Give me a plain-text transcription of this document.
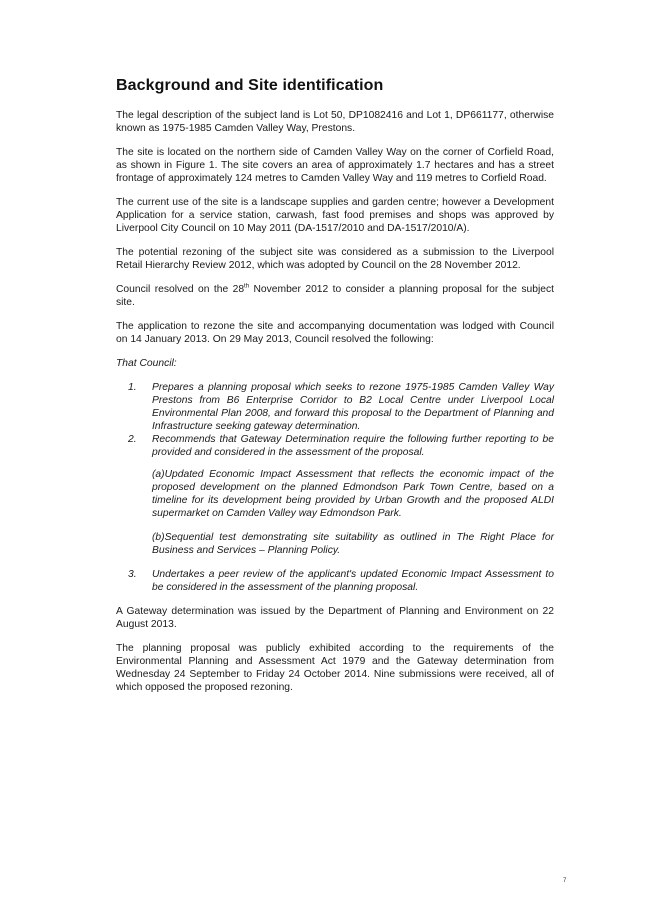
Background and Site identification

The legal description of the subject land is Lot 50, DP1082416 and Lot 1, DP661177, otherwise known as 1975-1985 Camden Valley Way, Prestons.

The site is located on the northern side of Camden Valley Way on the corner of Corfield Road, as shown in Figure 1. The site covers an area of approximately 1.7 hectares and has a street frontage of approximately 124 metres to Camden Valley Way and 119 metres to Corfield Road.

The current use of the site is a landscape supplies and garden centre; however a Development Application for a service station, carwash, fast food premises and shops was approved by Liverpool City Council on 10 May 2011 (DA-1517/2010 and DA-1517/2010/A).

The potential rezoning of the subject site was considered as a submission to the Liverpool Retail Hierarchy Review 2012, which was adopted by Council on the 28 November 2012.

Council resolved on the 28th November 2012 to consider a planning proposal for the subject site.

The application to rezone the site and accompanying documentation was lodged with Council on 14 January 2013. On 29 May 2013, Council resolved the following:

That Council:

1. Prepares a planning proposal which seeks to rezone 1975-1985 Camden Valley Way Prestons from B6 Enterprise Corridor to B2 Local Centre under Liverpool Local Environmental Plan 2008, and forward this proposal to the Department of Planning and Infrastructure seeking gateway determination.
2. Recommends that Gateway Determination require the following further reporting to be provided and considered in the assessment of the proposal.
(a)Updated Economic Impact Assessment that reflects the economic impact of the proposed development on the planned Edmondson Park Town Centre, based on a timeline for its development being provided by Urban Growth and the proposed ALDI supermarket on Camden Valley way Edmondson Park.
(b)Sequential test demonstrating site suitability as outlined in The Right Place for Business and Services – Planning Policy.
3. Undertakes a peer review of the applicant's updated Economic Impact Assessment to be considered in the assessment of the planning proposal.

A Gateway determination was issued by the Department of Planning and Environment on 22 August 2013.

The planning proposal was publicly exhibited according to the requirements of the Environmental Planning and Assessment Act 1979 and the Gateway determination from Wednesday 24 September to Friday 24 October 2014. Nine submissions were received, all of which opposed the proposed rezoning.

7
